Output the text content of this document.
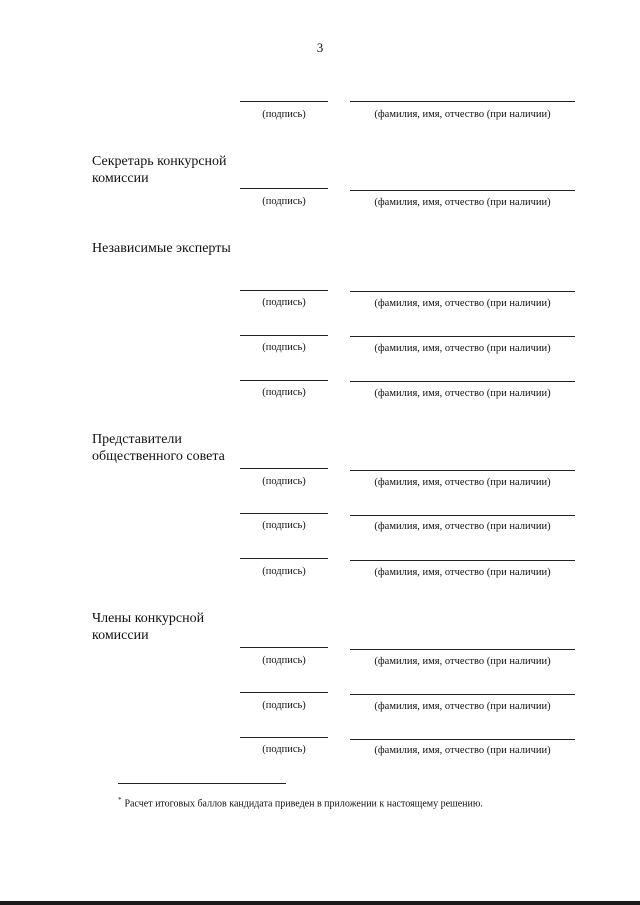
3
(подпись)	(фамилия, имя, отчество (при наличии)
Секретарь конкурсной комиссии
(подпись)	(фамилия, имя, отчество (при наличии)
Независимые эксперты
(подпись)	(фамилия, имя, отчество (при наличии)
(подпись)	(фамилия, имя, отчество (при наличии)
(подпись)	(фамилия, имя, отчество (при наличии)
Представители общественного совета
(подпись)	(фамилия, имя, отчество (при наличии)
(подпись)	(фамилия, имя, отчество (при наличии)
(подпись)	(фамилия, имя, отчество (при наличии)
Члены конкурсной комиссии
(подпись)	(фамилия, имя, отчество (при наличии)
(подпись)	(фамилия, имя, отчество (при наличии)
(подпись)	(фамилия, имя, отчество (при наличии)
* Расчет итоговых баллов кандидата приведен в приложении к настоящему решению.
